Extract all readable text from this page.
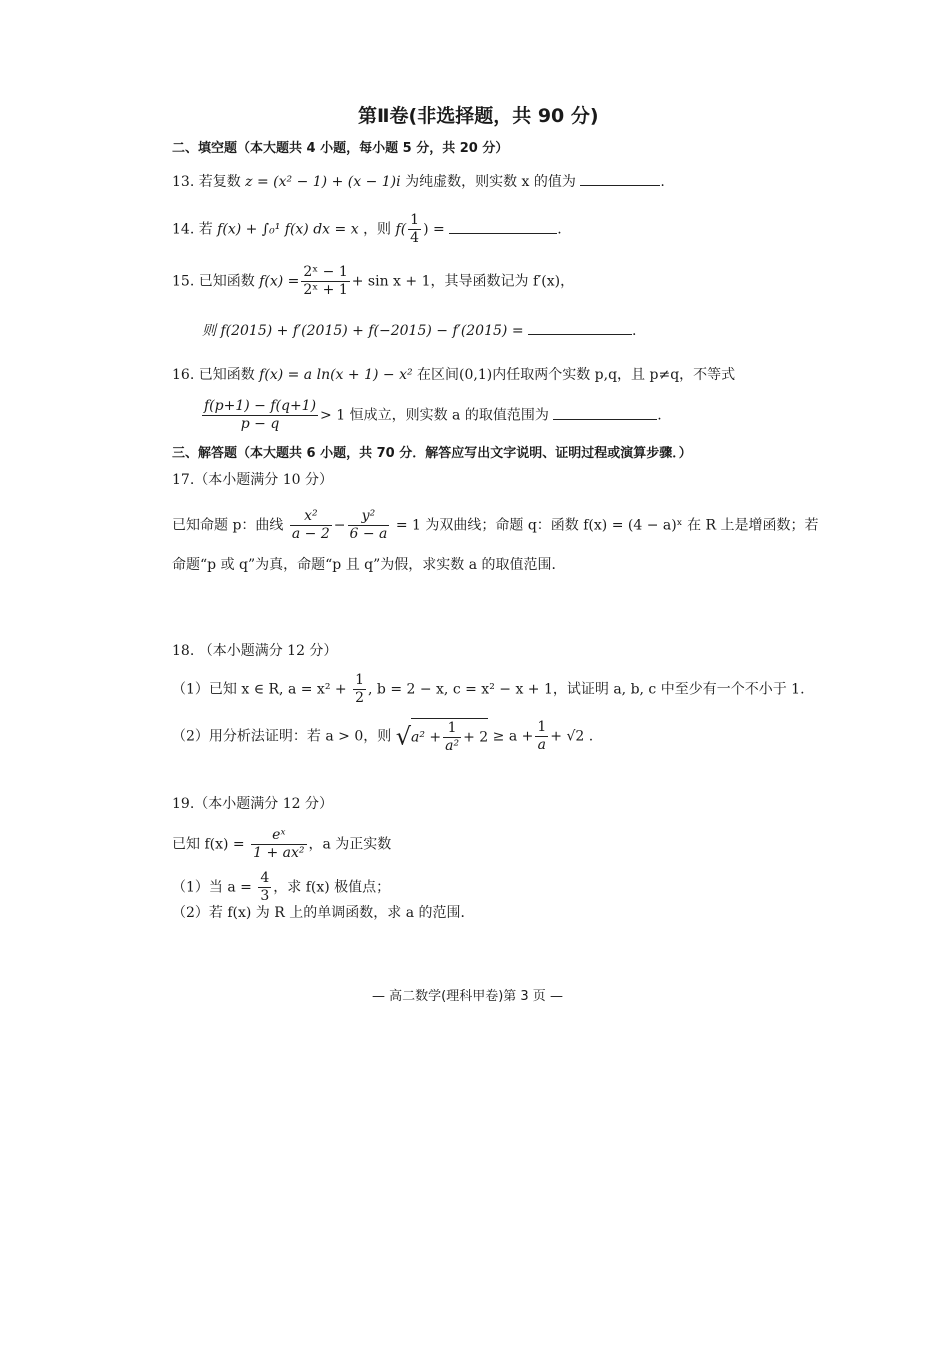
第Ⅱ卷(非选择题，共 90 分)
二、填空题（本大题共 4 小题，每小题 5 分，共 20 分）
13. 若复数 z = (x² − 1) + (x − 1)i 为纯虚数，则实数 x 的值为	.
14. 若 f(x) + ∫₀¹ f(x) dx = x ，则 $f( \frac{1}{4}$ ) =	.
15. 已知函数 $f(x) = \frac{\text{2ˣ − 1}}{\text{2ˣ + 1}} + \sin x + 1$，其导函数记为 f′(x)，
则 f(2015) + f′(2015) + f(−2015) − f′(2015) =	.
16. 已知函数 f(x) = a ln(x + 1) − x² 在区间(0,1)内任取两个实数 p,q，且 p≠q，不等式
$\frac{f(p+1) - f(q+1)}{p - q} > 1$ 恒成立，则实数 a 的取值范围为	.
三、解答题（本大题共 6 小题，共 70 分．解答应写出文字说明、证明过程或演算步骤．）
17.（本小题满分 10 分）
已知命题 p：曲线 $\frac{\text{x²}}{a - 2} - \frac{\text{y²}}{6 - a} = 1$ 为双曲线；命题 q：函数 f(x) = (4 − a)ˣ 在 R 上是增函数；若
命题“p 或 q”为真，命题“p 且 q”为假，求实数 a 的取值范围．
18. （本小题满分 12 分）
（1）已知 x ∈ R, $a = x^2 + \frac{1}{2}$ , b = 2 − x, c = x² − x + 1，试证明 a, b, c 中至少有一个不小于 1.
（2）用分析法证明：若 a > 0，则 $√a^2 + \frac{1}{\text{a²}} + 2 \ge a + \frac{1}{a} + √2$ .
19.（本小题满分 12 分）
已知 $f(x) = \frac{\text{eˣ}}{\text{1 + ax²}}$ ，a 为正实数
（1）当 $a = \frac{4}{3}$ ，求 f(x) 极值点；
（2）若 f(x) 为 R 上的单调函数，求 a 的范围．
— 高二数学(理科甲卷)第 3 页 —
